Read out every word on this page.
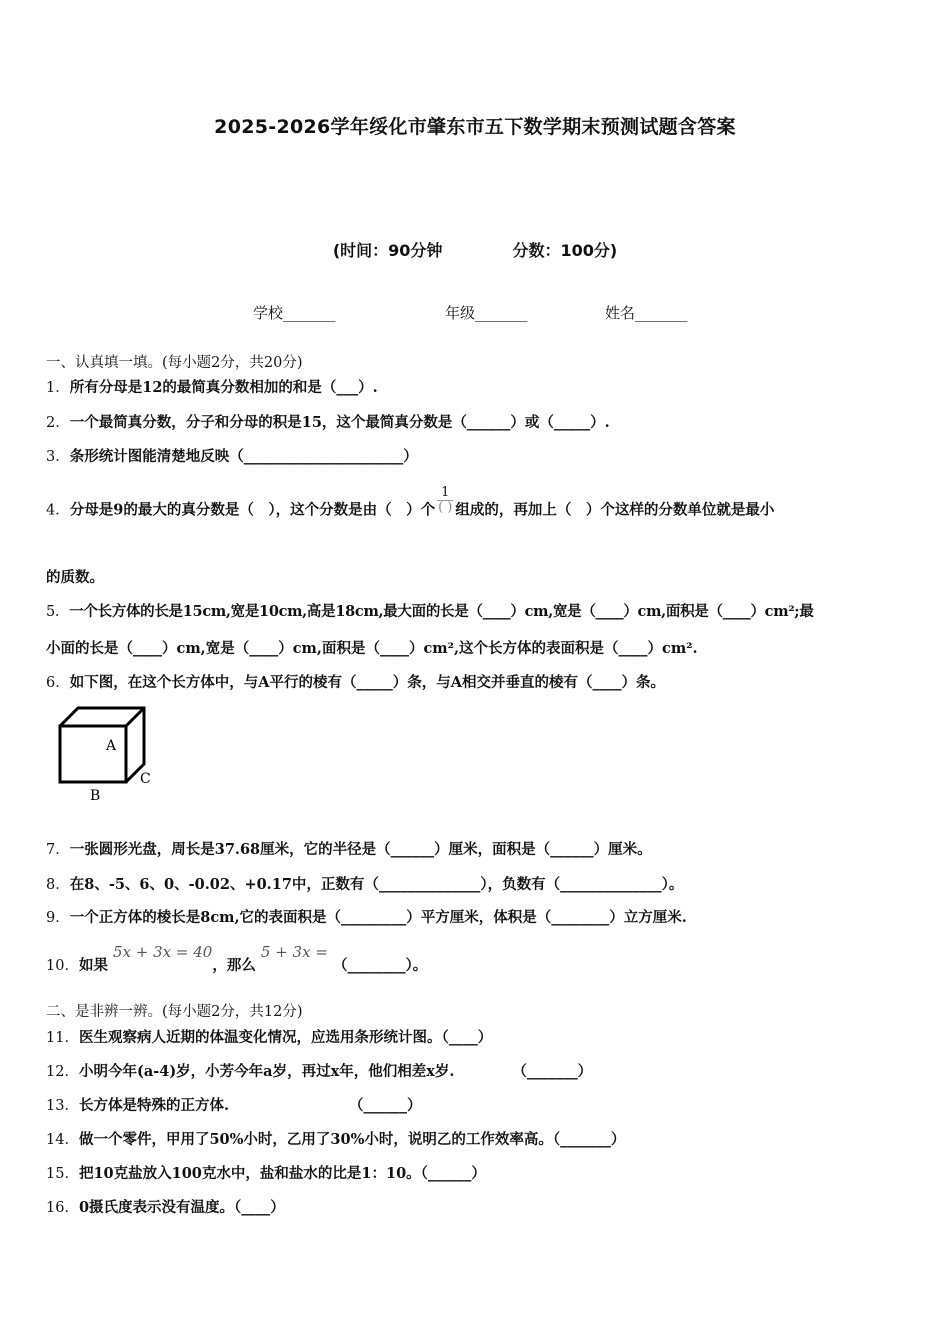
2025-2026学年绥化市肇东市五下数学期末预测试题含答案
(时间：90分钟	分数：100分)
学校_______	年级_______	姓名_______
一、认真填一填。(每小题2分，共20分)
1．所有分母是12的最简真分数相加的和是（___）.
2．一个最简真分数，分子和分母的积是15，这个最简真分数是（______）或（_____）.
3．条形统计图能清楚地反映（______________________）
4．分母是9的最大的真分数是（　），这个分数是由（　）个 $\frac{1}{( )}$ 组成的，再加上（　）个这样的分数单位就是最小
的质数。
5．一个长方体的长是15cm,宽是10cm,高是18cm,最大面的长是（____）cm,宽是（____）cm,面积是（____）cm²;最
小面的长是（____）cm,宽是（____）cm,面积是（____）cm²,这个长方体的表面积是（____）cm².
6．如下图，在这个长方体中，与A平行的棱有（_____）条，与A相交并垂直的棱有（____）条。
A
B
C
7．一张圆形光盘，周长是37.68厘米，它的半径是（______）厘米，面积是（______）厘米。
8．在8、-5、6、0、-0.02、+0.17中，正数有（______________），负数有（______________）。
9．一个正方体的棱长是8cm,它的表面积是（_________）平方厘米，体积是（________）立方厘米.
10．如果 5x + 3x = 40，那么 5 + 3x = （________）。
二、是非辨一辨。(每小题2分，共12分)
11．医生观察病人近期的体温变化情况，应选用条形统计图。（____）
12．小明今年(a-4)岁，小芳今年a岁，再过x年，他们相差x岁.	（_______）
13．长方体是特殊的正方体.	（______）
14．做一个零件，甲用了50%小时，乙用了30%小时，说明乙的工作效率高。（_______）
15．把10克盐放入100克水中，盐和盐水的比是1：10。（______）
16．0摄氏度表示没有温度。（____）
